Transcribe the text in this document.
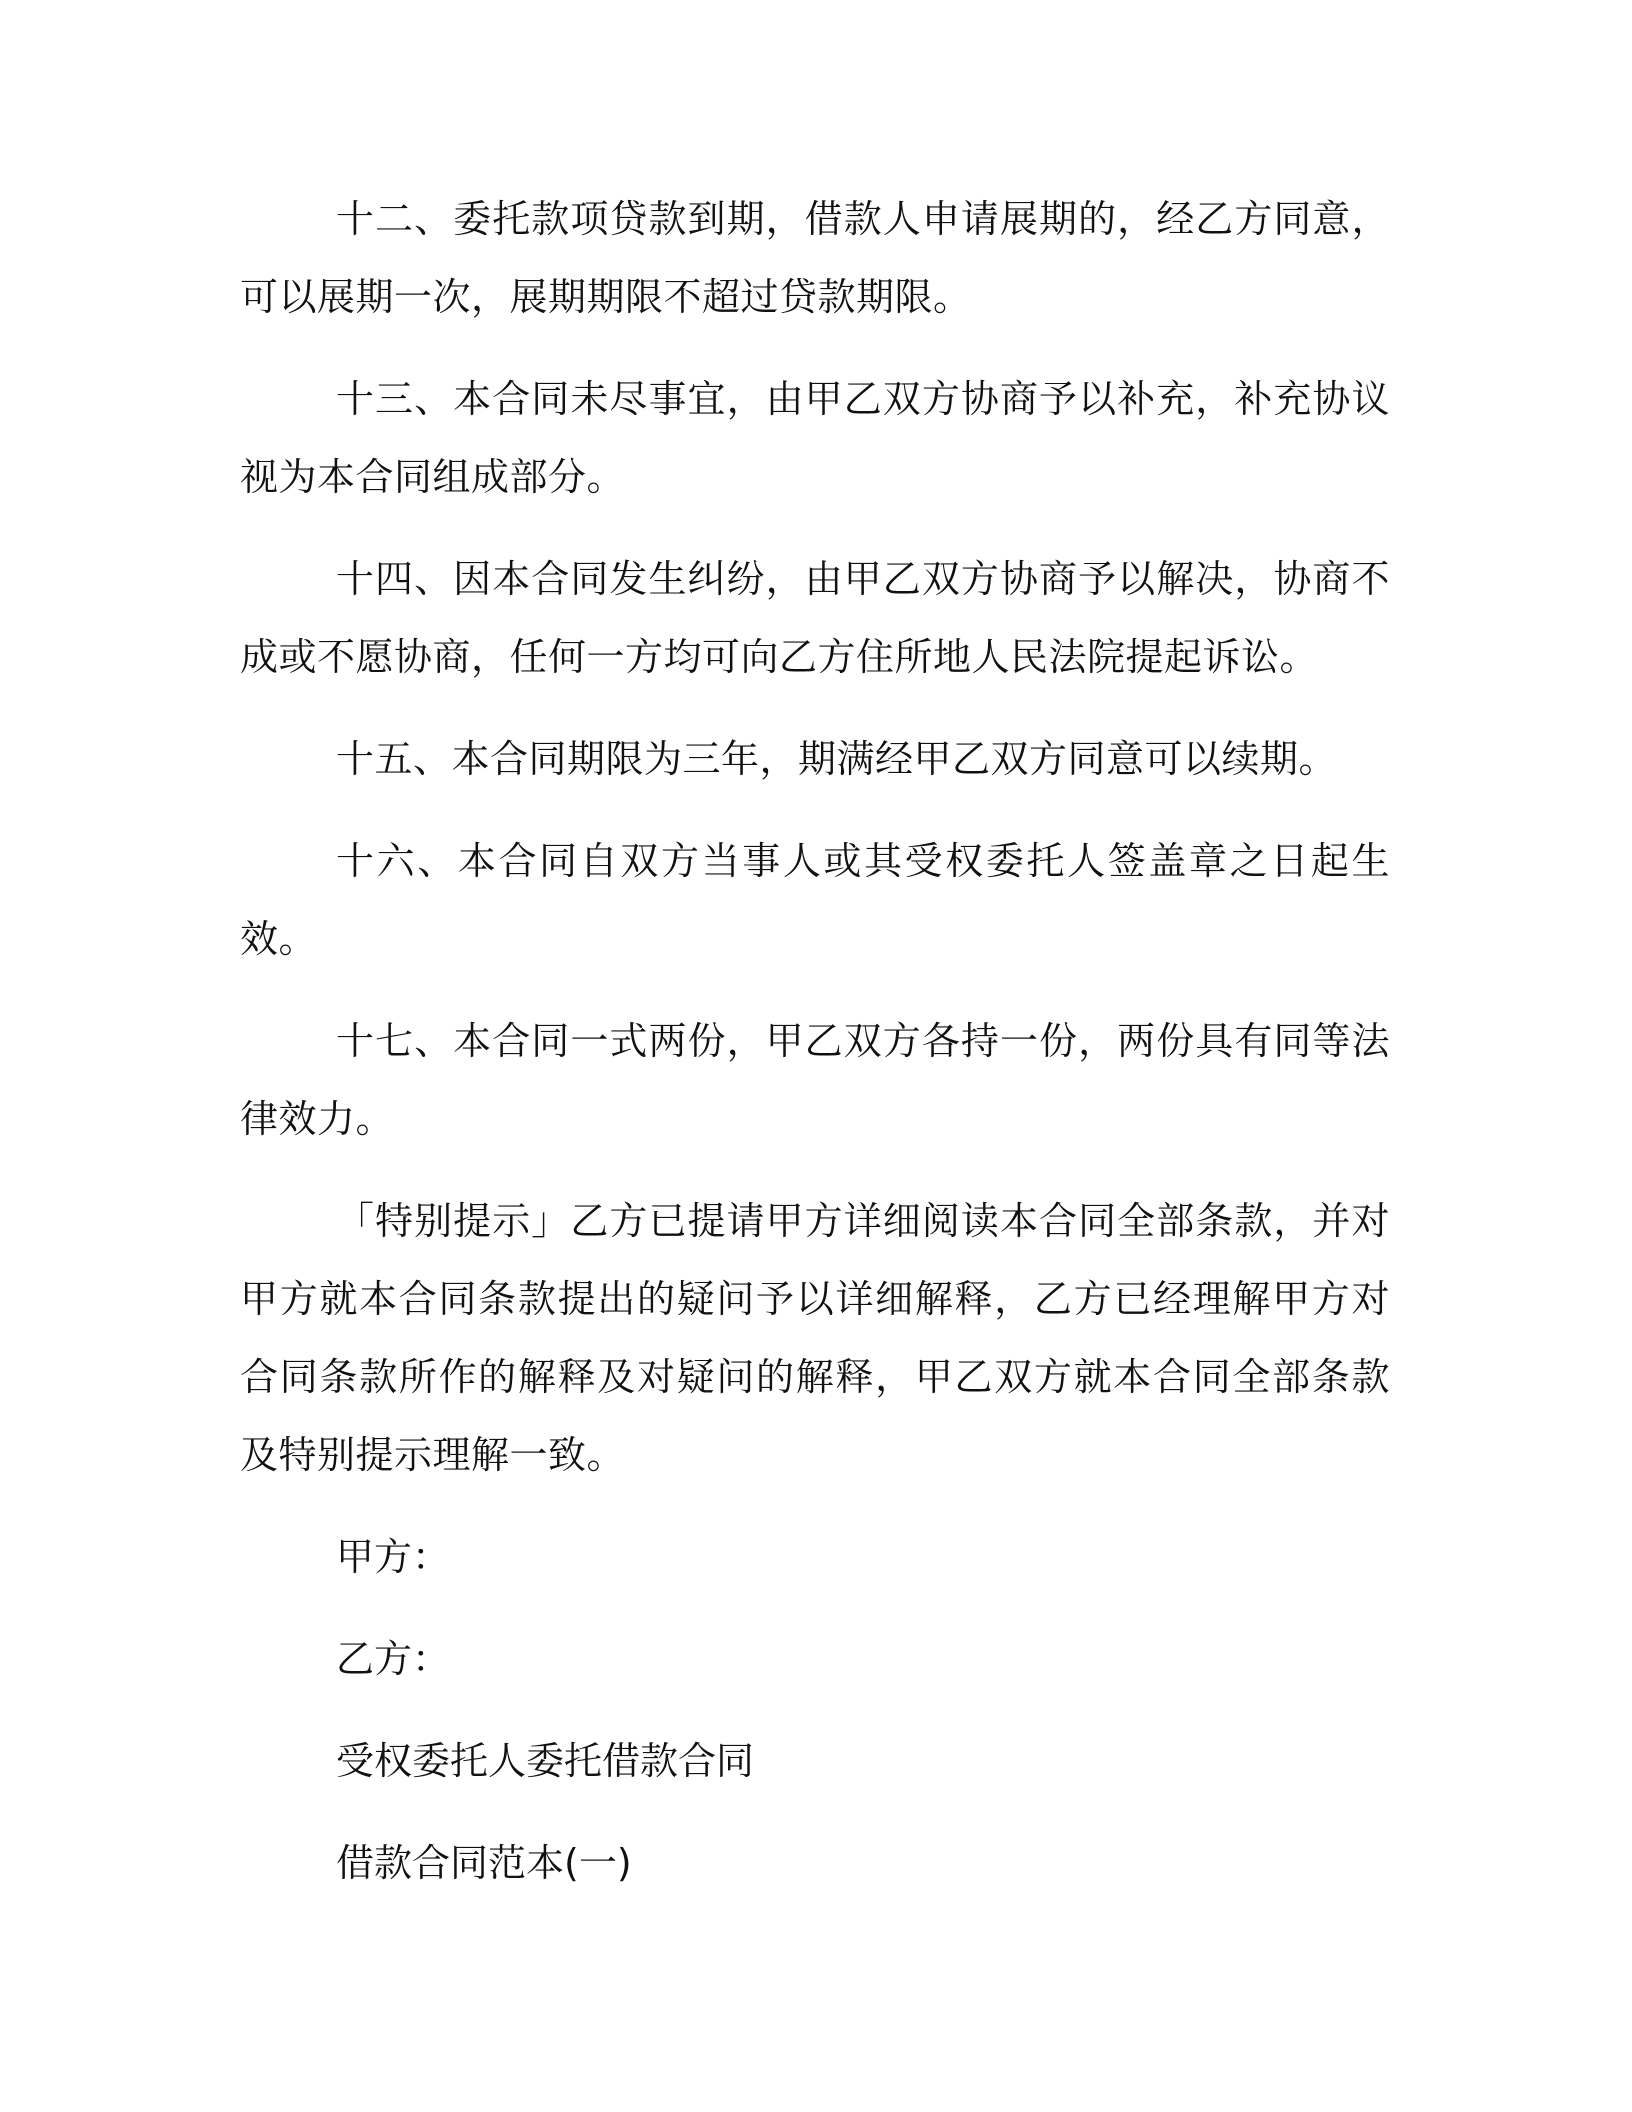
十二、委托款项贷款到期，借款人申请展期的，经乙方同意，可以展期一次，展期期限不超过贷款期限。

十三、本合同未尽事宜，由甲乙双方协商予以补充，补充协议视为本合同组成部分。

十四、因本合同发生纠纷，由甲乙双方协商予以解决，协商不成或不愿协商，任何一方均可向乙方住所地人民法院提起诉讼。

十五、本合同期限为三年，期满经甲乙双方同意可以续期。

十六、本合同自双方当事人或其受权委托人签盖章之日起生效。

十七、本合同一式两份，甲乙双方各持一份，两份具有同等法律效力。

「特别提示」乙方已提请甲方详细阅读本合同全部条款，并对甲方就本合同条款提出的疑问予以详细解释，乙方已经理解甲方对合同条款所作的解释及对疑问的解释，甲乙双方就本合同全部条款及特别提示理解一致。

甲方：

乙方：

受权委托人委托借款合同

借款合同范本(一)
